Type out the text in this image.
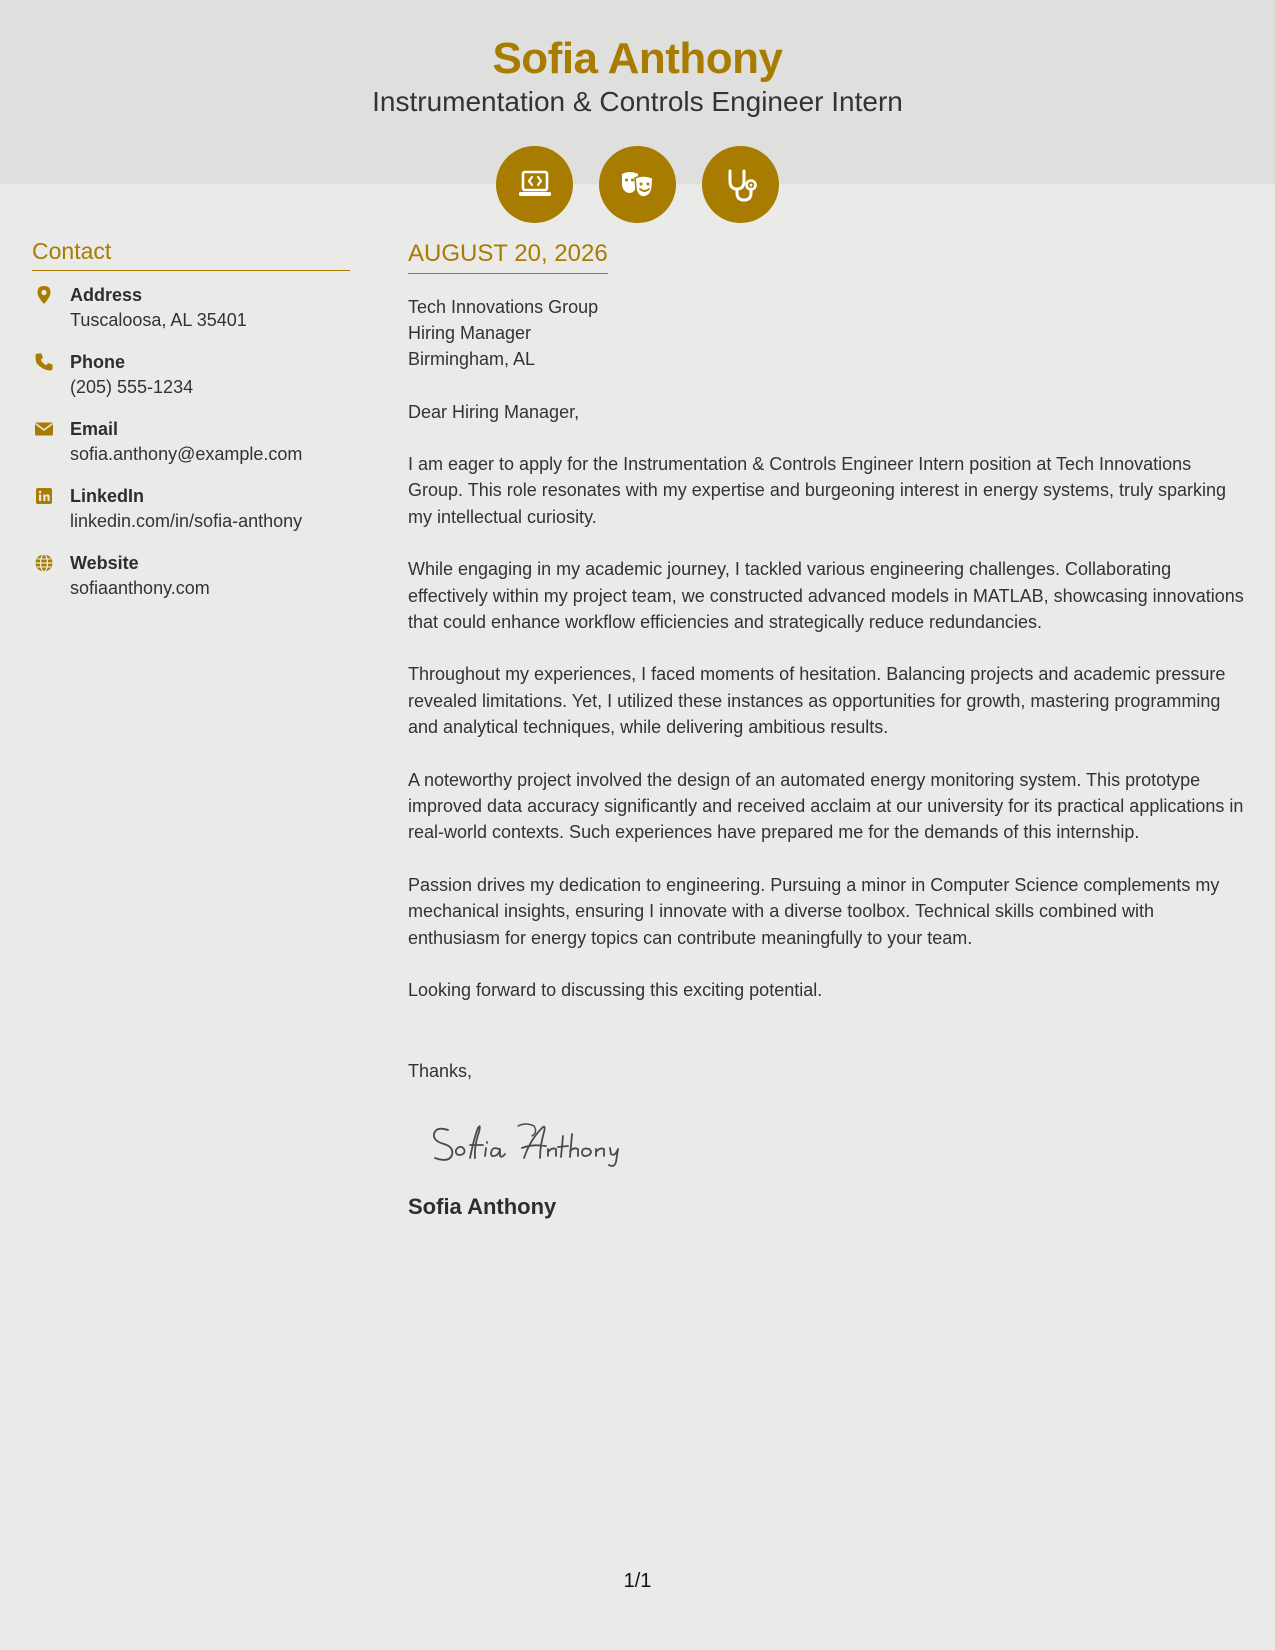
Sofia Anthony
Instrumentation & Controls Engineer Intern
Contact
Address
Tuscaloosa, AL 35401
Phone
(205) 555-1234
Email
sofia.anthony@example.com
LinkedIn
linkedin.com/in/sofia-anthony
Website
sofiaanthony.com
AUGUST 20, 2026
Tech Innovations Group
Hiring Manager
Birmingham, AL
Dear Hiring Manager,

I am eager to apply for the Instrumentation & Controls Engineer Intern position at Tech Innovations Group. This role resonates with my expertise and burgeoning interest in energy systems, truly sparking my intellectual curiosity.

While engaging in my academic journey, I tackled various engineering challenges. Collaborating effectively within my project team, we constructed advanced models in MATLAB, showcasing innovations that could enhance workflow efficiencies and strategically reduce redundancies.

Throughout my experiences, I faced moments of hesitation. Balancing projects and academic pressure revealed limitations. Yet, I utilized these instances as opportunities for growth, mastering programming and analytical techniques, while delivering ambitious results.

A noteworthy project involved the design of an automated energy monitoring system. This prototype improved data accuracy significantly and received acclaim at our university for its practical applications in real-world contexts. Such experiences have prepared me for the demands of this internship.

Passion drives my dedication to engineering. Pursuing a minor in Computer Science complements my mechanical insights, ensuring I innovate with a diverse toolbox. Technical skills combined with enthusiasm for energy topics can contribute meaningfully to your team.

Looking forward to discussing this exciting potential.

Thanks,
Sofia Anthony
1/1
